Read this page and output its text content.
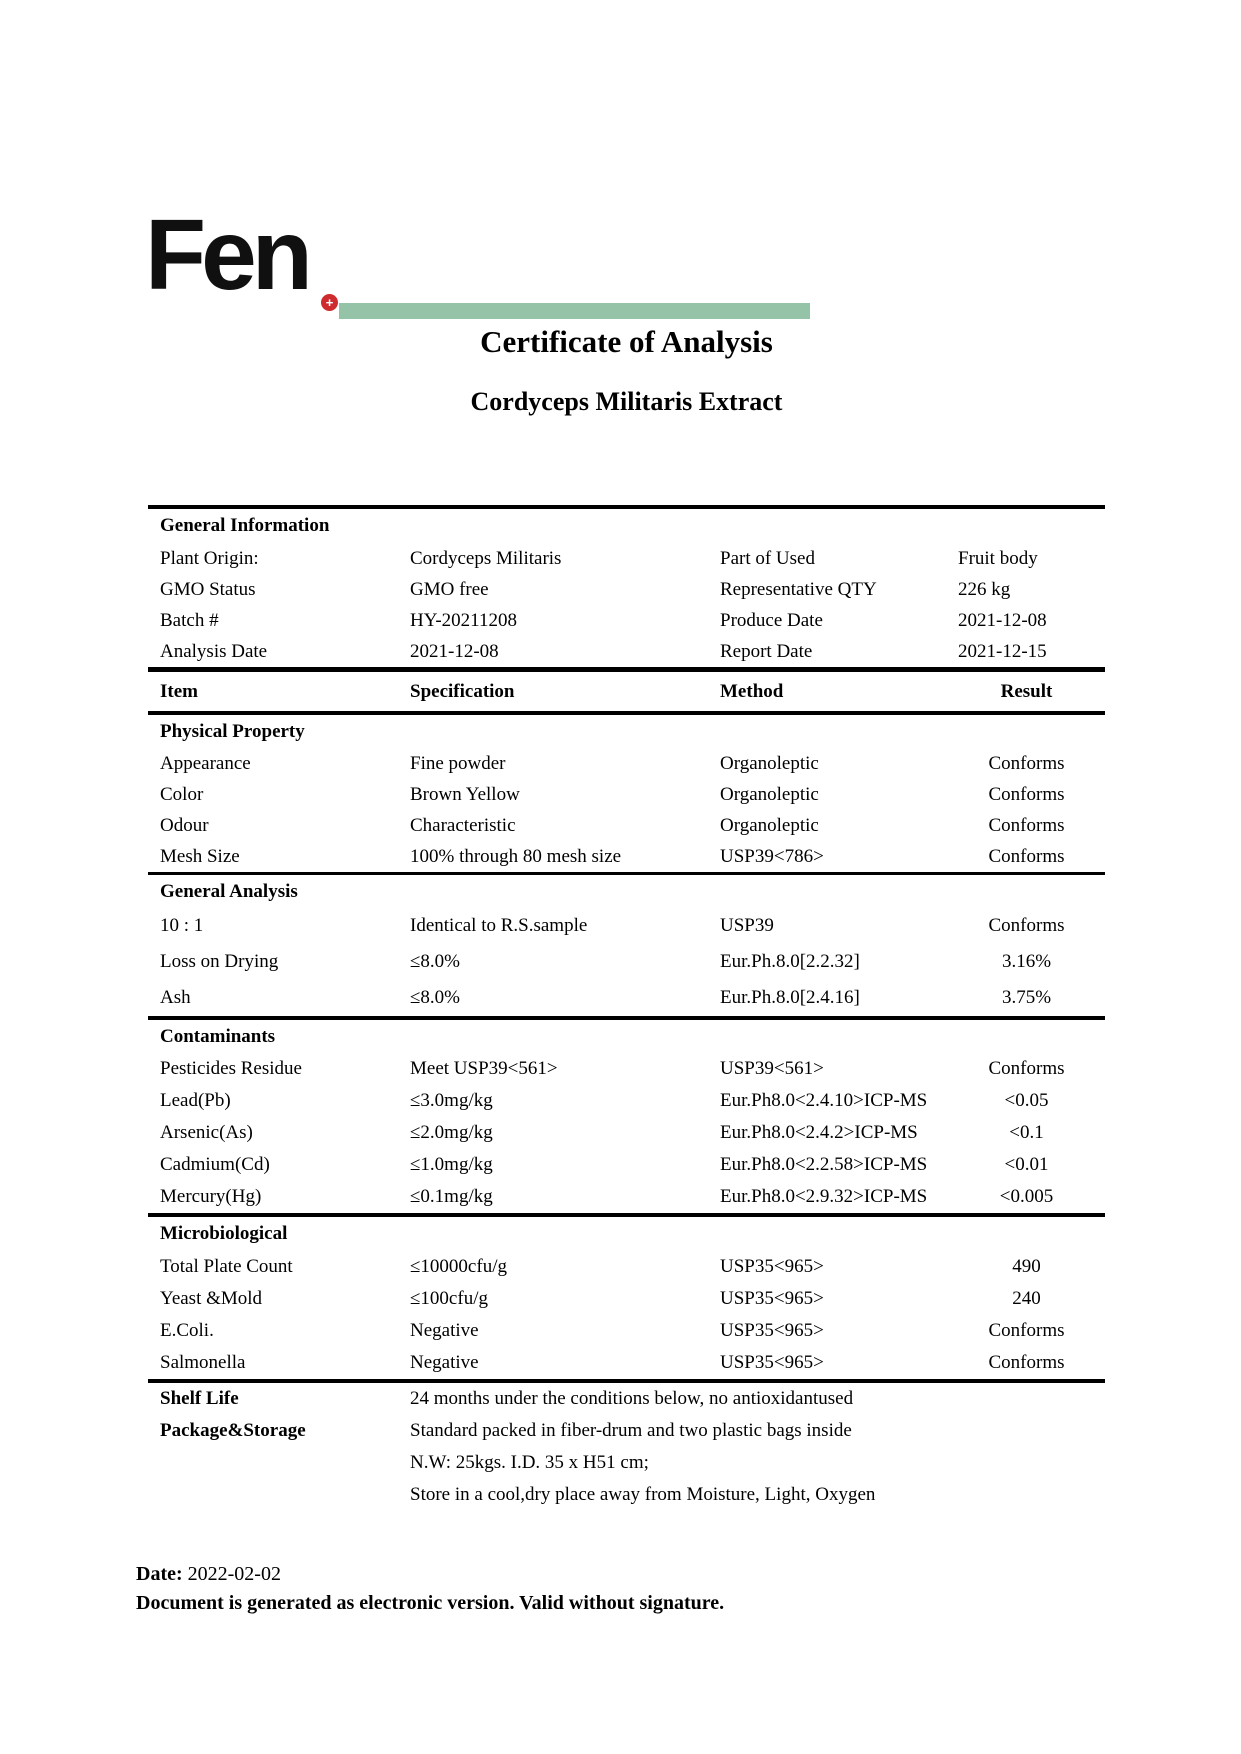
Fen +
Certificate of Analysis
Cordyceps Militaris Extract
General Information
Plant Origin:	Cordyceps Militaris	Part of Used	Fruit body
GMO Status	GMO free	Representative QTY	226 kg
Batch #	HY-20211208	Produce Date	2021-12-08
Analysis Date	2021-12-08	Report Date	2021-12-15
Item	Specification	Method	Result
Physical Property
Appearance	Fine powder	Organoleptic	Conforms
Color	Brown Yellow	Organoleptic	Conforms
Odour	Characteristic	Organoleptic	Conforms
Mesh Size	100% through 80 mesh size	USP39<786>	Conforms
General Analysis
10 : 1	Identical to R.S.sample	USP39	Conforms
Loss on Drying	≤8.0%	Eur.Ph.8.0[2.2.32]	3.16%
Ash	≤8.0%	Eur.Ph.8.0[2.4.16]	3.75%
Contaminants
Pesticides Residue	Meet USP39<561>	USP39<561>	Conforms
Lead(Pb)	≤3.0mg/kg	Eur.Ph8.0<2.4.10>ICP-MS	<0.05
Arsenic(As)	≤2.0mg/kg	Eur.Ph8.0<2.4.2>ICP-MS	<0.1
Cadmium(Cd)	≤1.0mg/kg	Eur.Ph8.0<2.2.58>ICP-MS	<0.01
Mercury(Hg)	≤0.1mg/kg	Eur.Ph8.0<2.9.32>ICP-MS	<0.005
Microbiological
Total Plate Count	≤10000cfu/g	USP35<965>	490
Yeast &Mold	≤100cfu/g	USP35<965>	240
E.Coli.	Negative	USP35<965>	Conforms
Salmonella	Negative	USP35<965>	Conforms
Shelf Life	24 months under the conditions below, no antioxidantused
Package&Storage	Standard packed in fiber-drum and two plastic bags inside
N.W: 25kgs. I.D. 35 x H51 cm;
Store in a cool,dry place away from Moisture, Light, Oxygen
Date: 2022-02-02
Document is generated as electronic version. Valid without signature.
